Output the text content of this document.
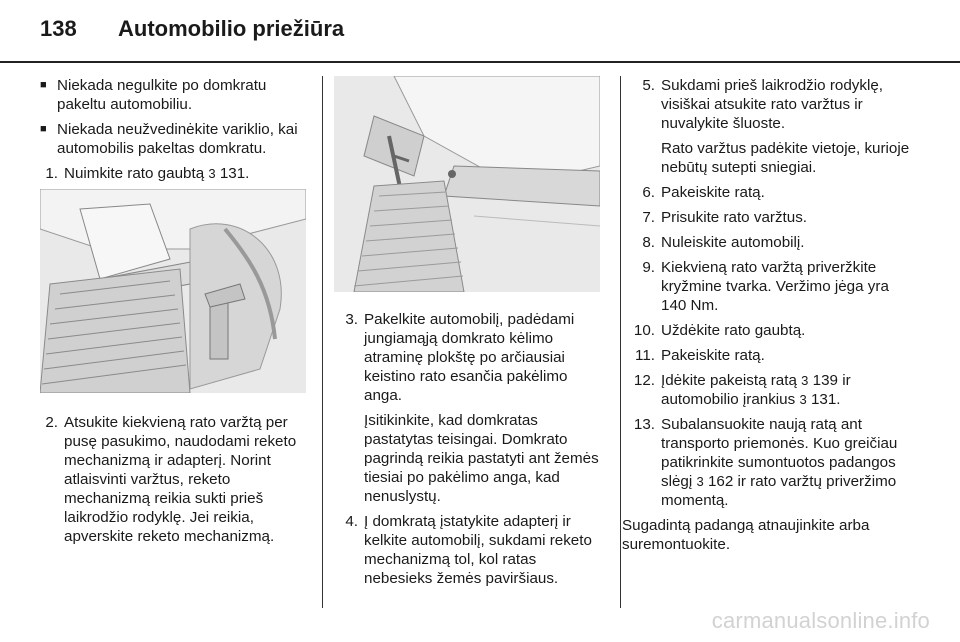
138	Automobilio priežiūra
■ Niekada negulkite po domkratu pakeltu automobiliu.
■ Niekada neužvedinėkite variklio, kai automobilis pakeltas domkratu.
1. Nuimkite rato gaubtą 3 131.
2. Atsukite kiekvieną rato varžtą per pusę pasukimo, naudodami reketo mechanizmą ir adapterį. Norint atlaisvinti varžtus, reketo mechanizmą reikia sukti prieš laikrodžio rodyklę. Jei reikia, apverskite reketo mechanizmą.
3. Pakelkite automobilį, padėdami jungiamąją domkrato kėlimo atraminę plokštę po arčiausiai keistino rato esančia pakėlimo anga.
Įsitikinkite, kad domkratas pastatytas teisingai. Domkrato pagrindą reikia pastatyti ant žemės tiesiai po pakėlimo anga, kad nenuslystų.
4. Į domkratą įstatykite adapterį ir kelkite automobilį, sukdami reketo mechanizmą tol, kol ratas nebesieks žemės paviršiaus.
5. Sukdami prieš laikrodžio rodyklę, visiškai atsukite rato varžtus ir nuvalykite šluoste.
Rato varžtus padėkite vietoje, kurioje nebūtų sutepti sniegiai.
6. Pakeiskite ratą.
7. Prisukite rato varžtus.
8. Nuleiskite automobilį.
9. Kiekvieną rato varžtą priveržkite kryžmine tvarka. Veržimo jėga yra 140 Nm.
10. Uždėkite rato gaubtą.
11. Pakeiskite ratą.
12. Įdėkite pakeistą ratą 3 139 ir automobilio įrankius 3 131.
13. Subalansuokite naują ratą ant transporto priemonės. Kuo greičiau patikrinkite sumontuotos padangos slėgį 3 162 ir rato varžtų priveržimo momentą.
Sugadintą padangą atnaujinkite arba suremontuokite.
carmanualsonline.info
